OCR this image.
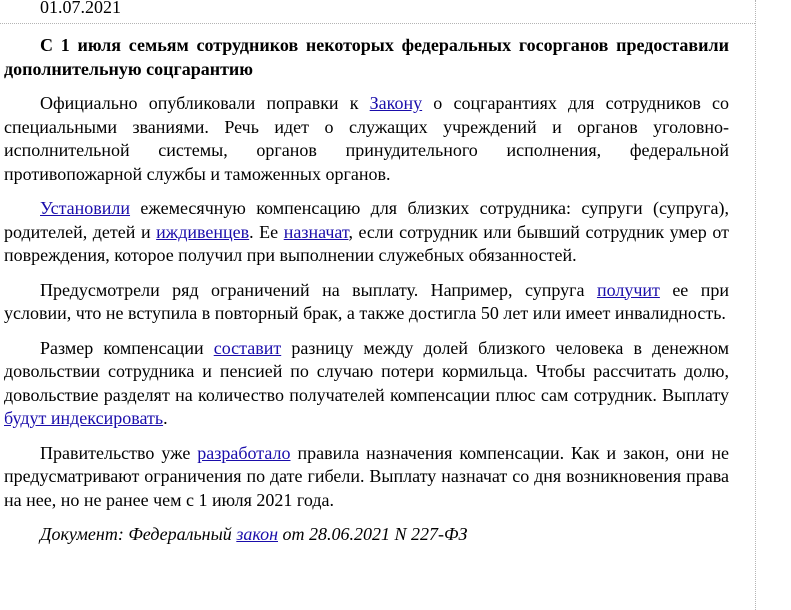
01.07.2021

С 1 июля семьям сотрудников некоторых федеральных госорганов предоставили дополнительную соцгарантию

Официально опубликовали поправки к Закону о соцгарантиях для сотрудников со специальными званиями. Речь идет о служащих учреждений и органов уголовно-исполнительной системы, органов принудительного исполнения, федеральной противопожарной службы и таможенных органов.

Установили ежемесячную компенсацию для близких сотрудника: супруги (супруга), родителей, детей и иждивенцев. Ее назначат, если сотрудник или бывший сотрудник умер от повреждения, которое получил при выполнении служебных обязанностей.

Предусмотрели ряд ограничений на выплату. Например, супруга получит ее при условии, что не вступила в повторный брак, а также достигла 50 лет или имеет инвалидность.

Размер компенсации составит разницу между долей близкого человека в денежном довольствии сотрудника и пенсией по случаю потери кормильца. Чтобы рассчитать долю, довольствие разделят на количество получателей компенсации плюс сам сотрудник. Выплату будут индексировать.

Правительство уже разработало правила назначения компенсации. Как и закон, они не предусматривают ограничения по дате гибели. Выплату назначат со дня возникновения права на нее, но не ранее чем с 1 июля 2021 года.

Документ: Федеральный закон от 28.06.2021 N 227-ФЗ
